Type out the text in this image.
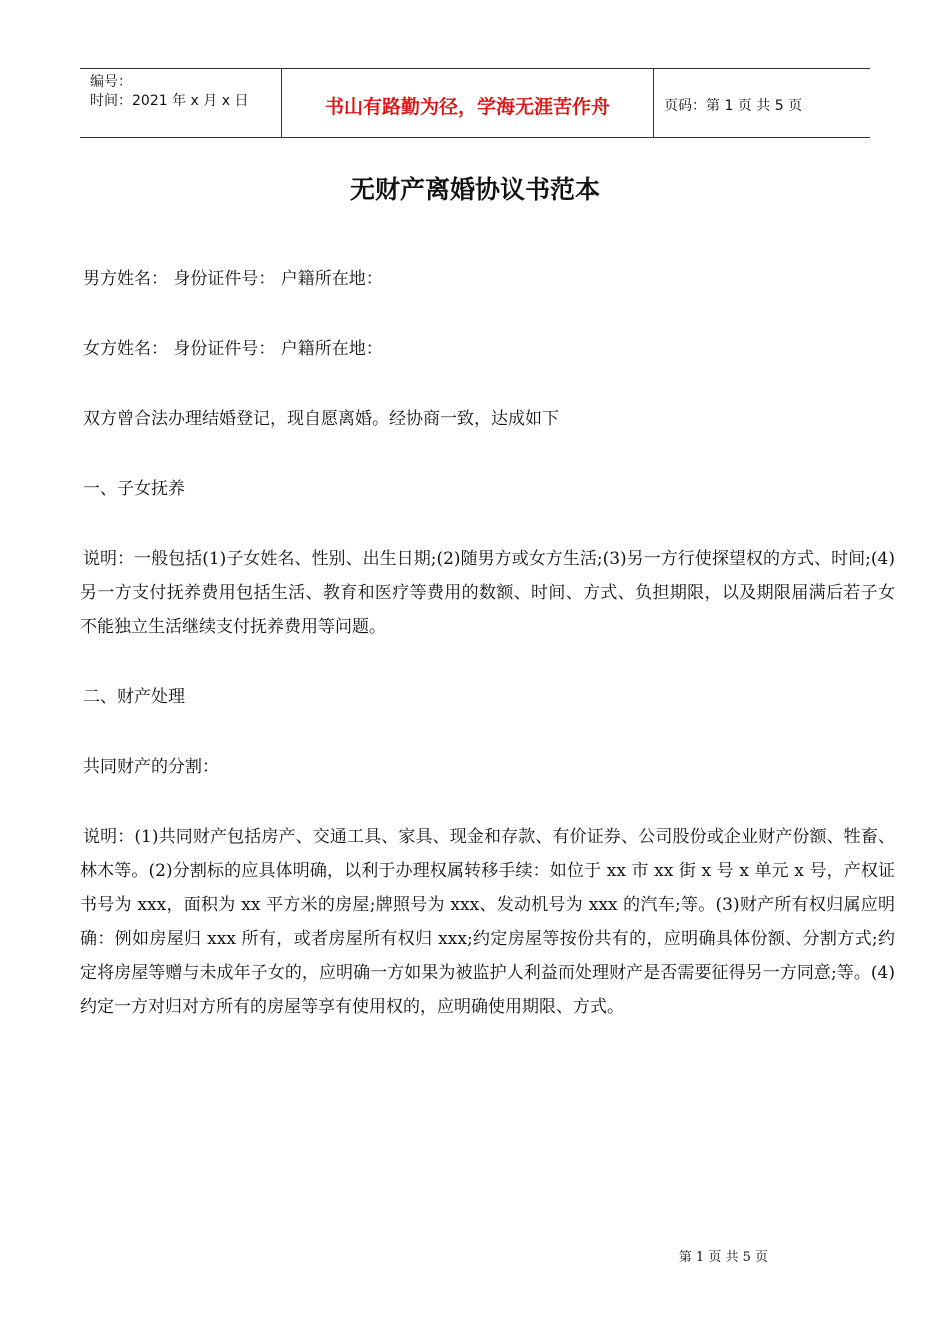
编号：
时间：2021 年 x 月 x 日	书山有路勤为径，学海无涯苦作舟	页码：第 1 页 共 5 页
无财产离婚协议书范本

男方姓名： 身份证件号： 户籍所在地：

女方姓名： 身份证件号： 户籍所在地：

双方曾合法办理结婚登记，现自愿离婚。经协商一致，达成如下

一、子女抚养

说明：一般包括(1)子女姓名、性别、出生日期;(2)随男方或女方生活;(3)另一方行使探望权的方式、时间;(4)另一方支付抚养费用包括生活、教育和医疗等费用的数额、时间、方式、负担期限，以及期限届满后若子女不能独立生活继续支付抚养费用等问题。

二、财产处理

共同财产的分割：

说明：(1)共同财产包括房产、交通工具、家具、现金和存款、有价证券、公司股份或企业财产份额、牲畜、林木等。(2)分割标的应具体明确，以利于办理权属转移手续：如位于 xx 市 xx 街 x 号 x 单元 x 号，产权证书号为 xxx，面积为 xx 平方米的房屋;牌照号为 xxx、发动机号为 xxx 的汽车;等。(3)财产所有权归属应明确：例如房屋归 xxx 所有，或者房屋所有权归 xxx;约定房屋等按份共有的，应明确具体份额、分割方式;约定将房屋等赠与未成年子女的，应明确一方如果为被监护人利益而处理财产是否需要征得另一方同意;等。(4)约定一方对归对方所有的房屋等享有使用权的，应明确使用期限、方式。

第 1 页 共 5 页
